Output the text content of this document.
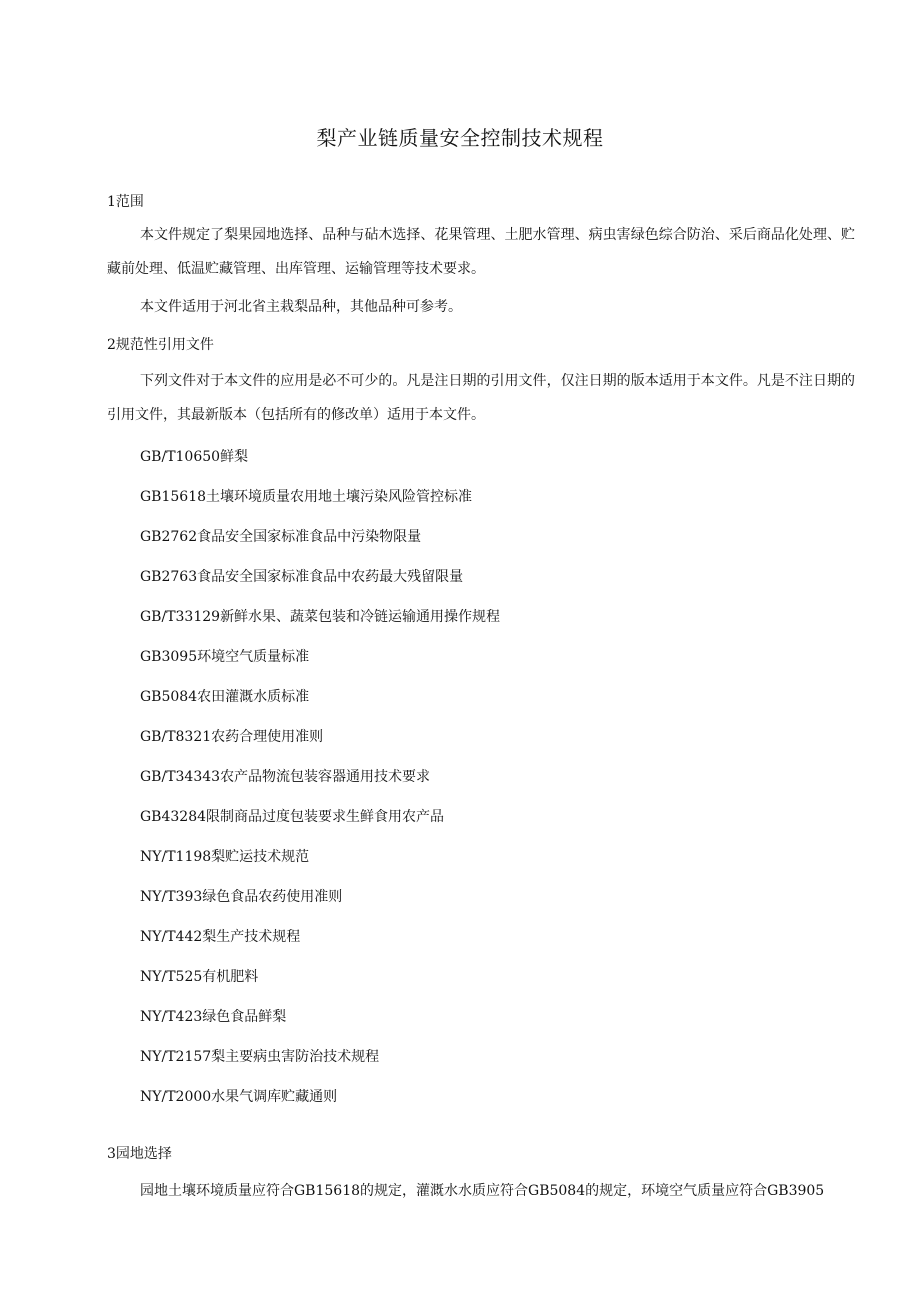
梨产业链质量安全控制技术规程
1范围

本文件规定了梨果园地选择、品种与砧木选择、花果管理、土肥水管理、病虫害绿色综合防治、采后商品化处理、贮藏前处理、低温贮藏管理、出库管理、运输管理等技术要求。

本文件适用于河北省主栽梨品种，其他品种可参考。

2规范性引用文件

下列文件对于本文件的应用是必不可少的。凡是注日期的引用文件，仅注日期的版本适用于本文件。凡是不注日期的引用文件，其最新版本（包括所有的修改单）适用于本文件。

GB/T10650鲜梨
GB15618土壤环境质量农用地土壤污染风险管控标准
GB2762食品安全国家标准食品中污染物限量
GB2763食品安全国家标准食品中农药最大残留限量
GB/T33129新鲜水果、蔬菜包装和冷链运输通用操作规程
GB3095环境空气质量标准
GB5084农田灌溉水质标准
GB/T8321农药合理使用准则
GB/T34343农产品物流包装容器通用技术要求
GB43284限制商品过度包装要求生鲜食用农产品
NY/T1198梨贮运技术规范
NY/T393绿色食品农药使用准则
NY/T442梨生产技术规程
NY/T525有机肥料
NY/T423绿色食品鲜梨
NY/T2157梨主要病虫害防治技术规程
NY/T2000水果气调库贮藏通则
3园地选择

园地土壤环境质量应符合GB15618的规定，灌溉水水质应符合GB5084的规定，环境空气质量应符合GB3905
